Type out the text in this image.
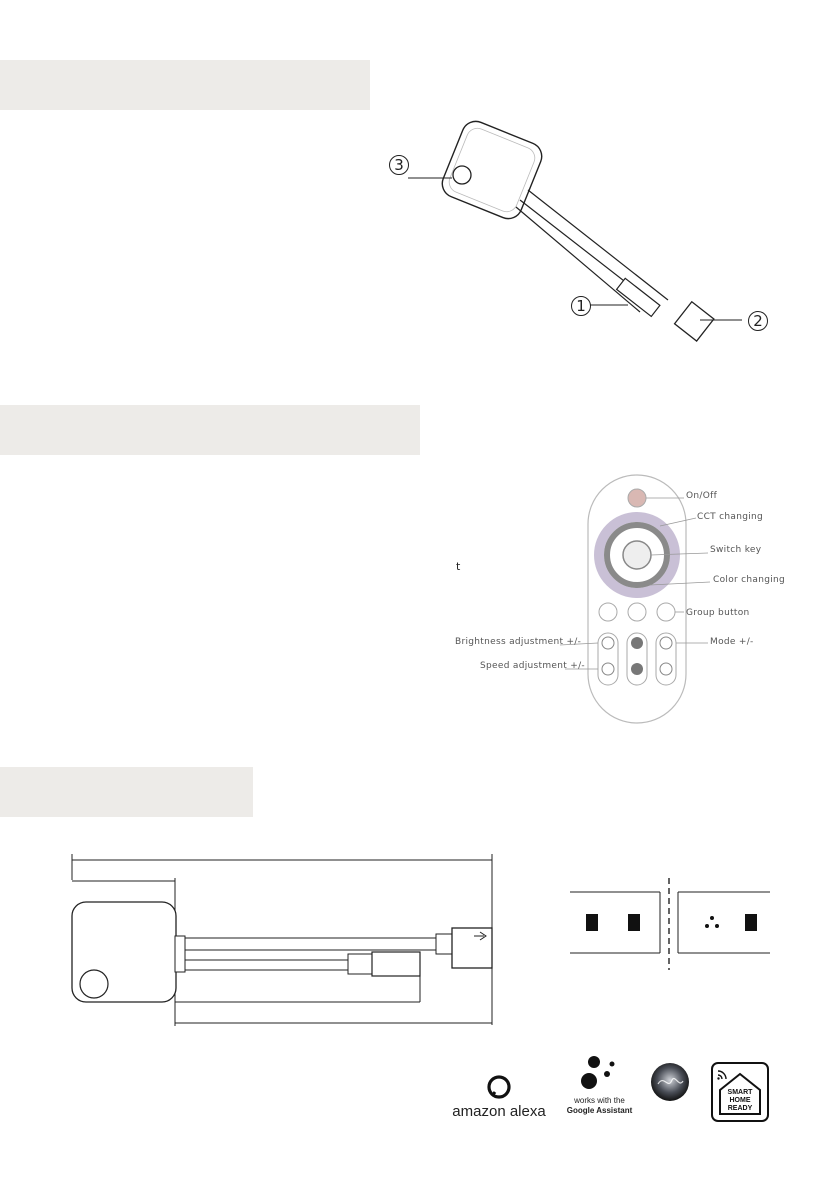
3
1
2
On/Off
CCT changing
Switch key
Color changing
Group button
Brightness adjustment +/-
Speed adjustment +/-
Mode +/-
t
amazon alexa
works with the
Google Assistant
SMART
HOME
READY
